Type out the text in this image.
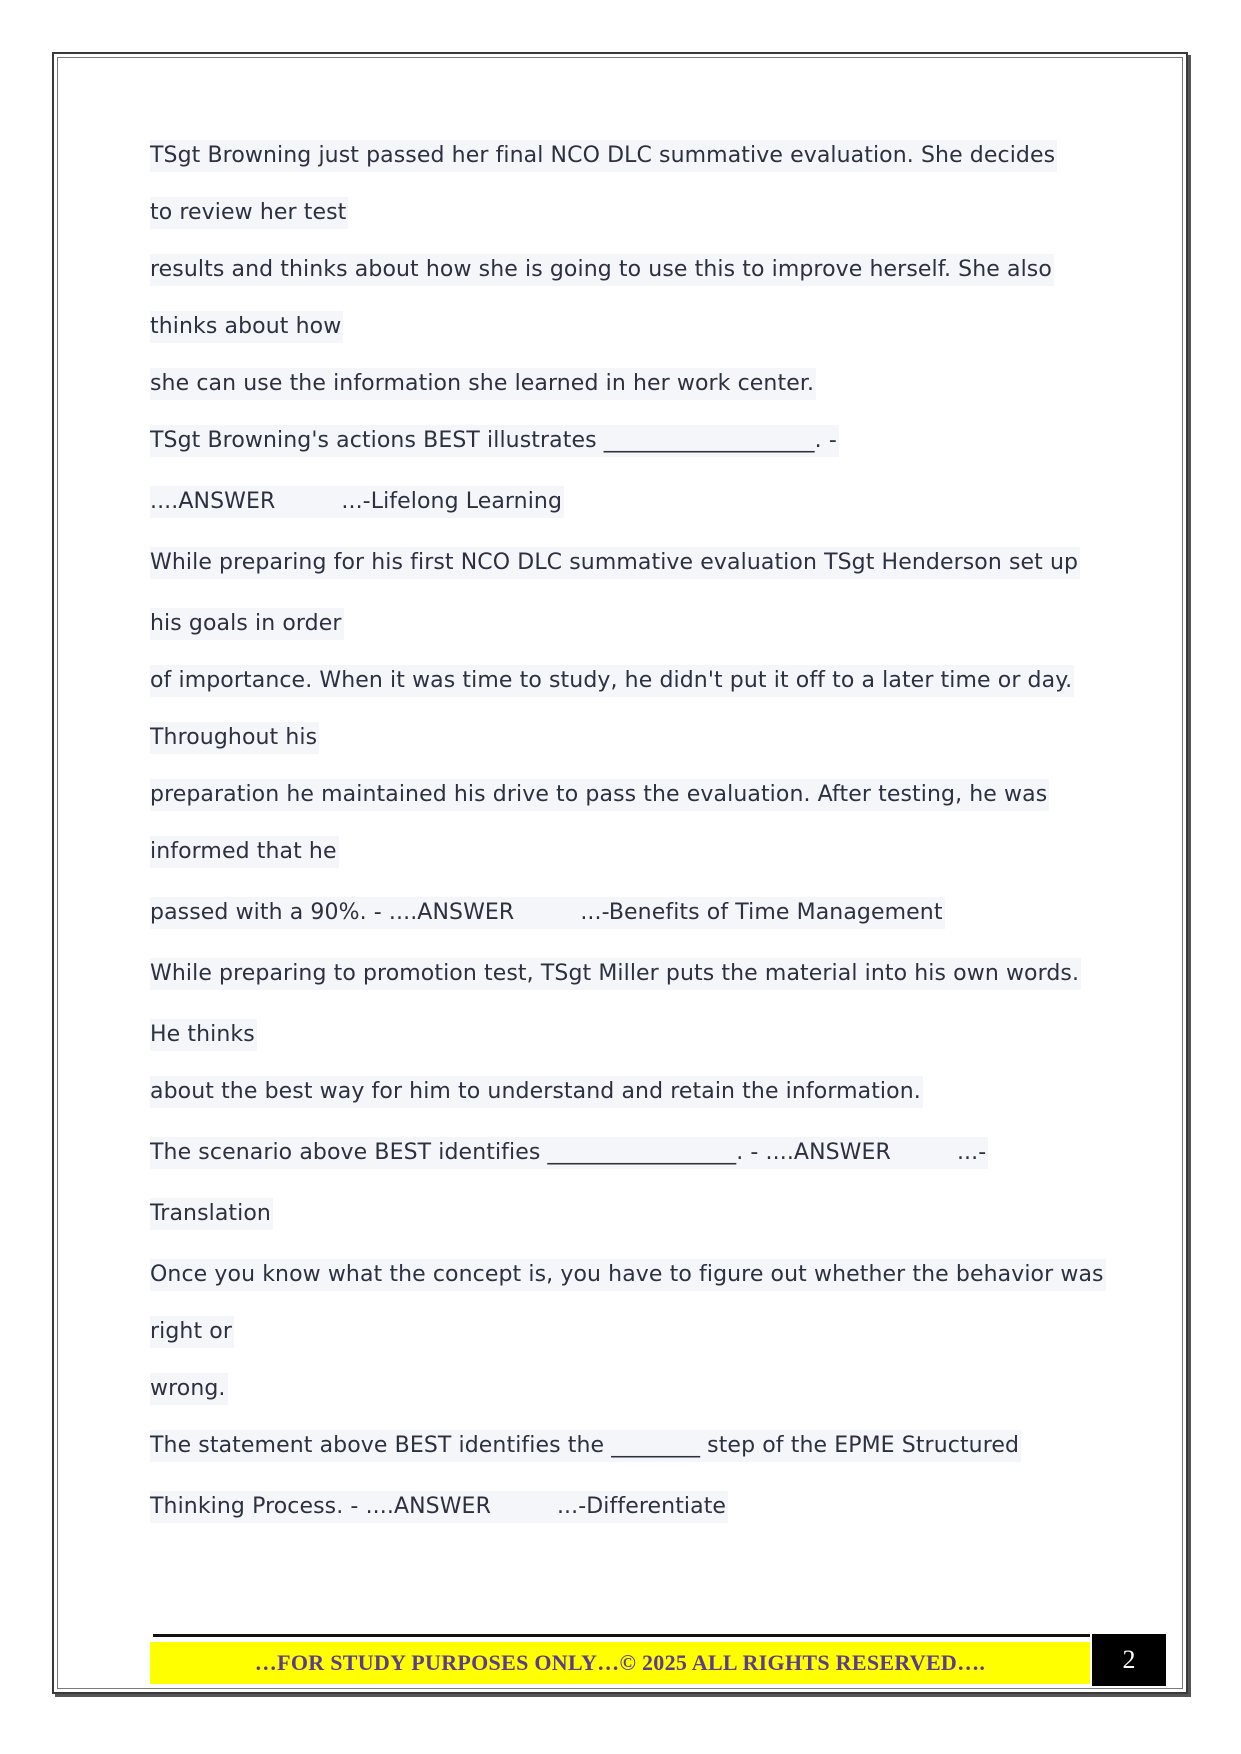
TSgt Browning just passed her final NCO DLC summative evaluation. She decides
to review her test
results and thinks about how she is going to use this to improve herself. She also
thinks about how
she can use the information she learned in her work center.
TSgt Browning's actions BEST illustrates ___________________. -
....ANSWER	...-Lifelong Learning
While preparing for his first NCO DLC summative evaluation TSgt Henderson set up
his goals in order
of importance. When it was time to study, he didn't put it off to a later time or day.
Throughout his
preparation he maintained his drive to pass the evaluation. After testing, he was
informed that he
passed with a 90%. - ....ANSWER	...-Benefits of Time Management
While preparing to promotion test, TSgt Miller puts the material into his own words.
He thinks
about the best way for him to understand and retain the information.
The scenario above BEST identifies _________________. - ....ANSWER	...-
Translation
Once you know what the concept is, you have to figure out whether the behavior was
right or
wrong.
The statement above BEST identifies the ________ step of the EPME Structured
Thinking Process. - ....ANSWER	...-Differentiate
…FOR STUDY PURPOSES ONLY…© 2025 ALL RIGHTS RESERVED….	2
